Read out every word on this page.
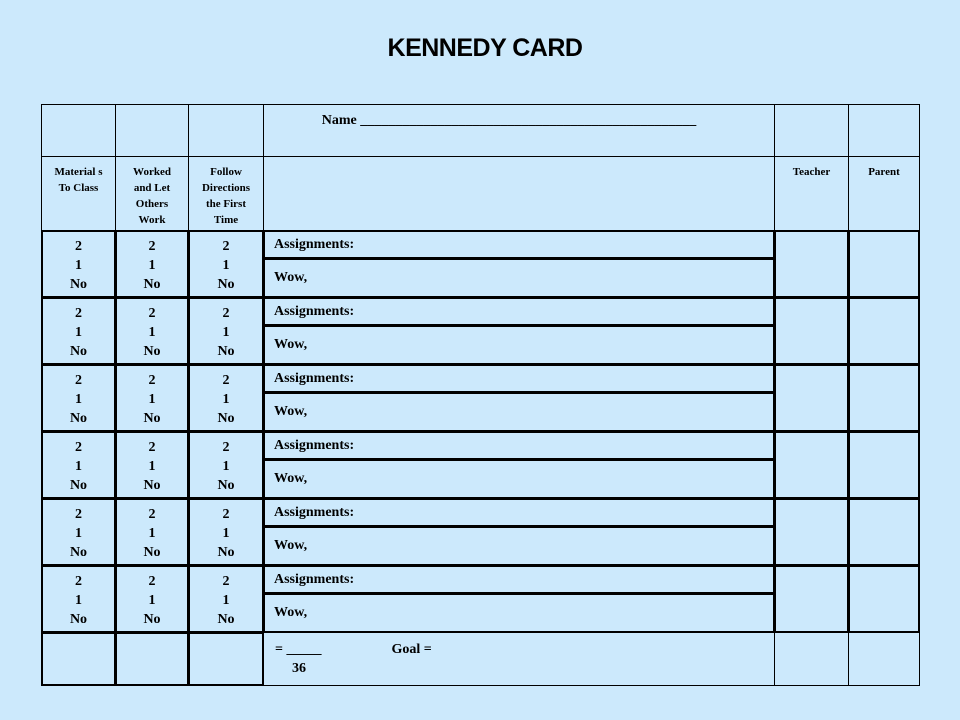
KENNEDY CARD
Name ________________________________________________
Material s
To Class
Worked and Let Others Work
Follow Directions the First Time
Teacher	Parent
2
1
No
2
1
No
2
1
No
Assignments:
Wow,
2
1
No
2
1
No
2
1
No
Assignments:
Wow,
2
1
No
2
1
No
2
1
No
Assignments:
Wow,
2
1
No
2
1
No
2
1
No
Assignments:
Wow,
2
1
No
2
1
No
2
1
No
Assignments:
Wow,
2
1
No
2
1
No
2
1
No
Assignments:
Wow,
= _____	Goal =
36
